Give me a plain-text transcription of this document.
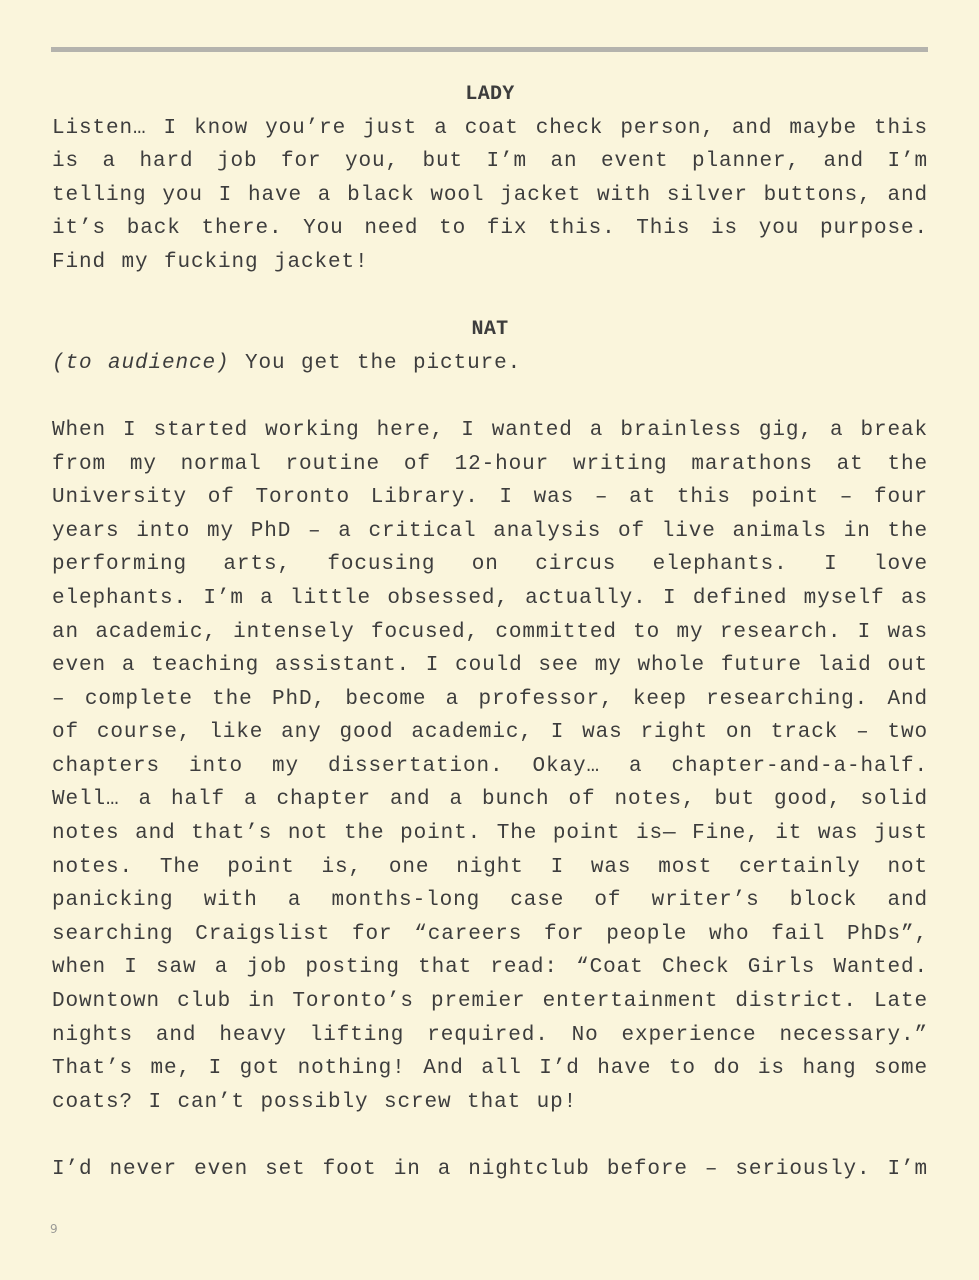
LADY
Listen… I know you’re just a coat check person, and maybe this is a hard job for you, but I’m an event planner, and I’m telling you I have a black wool jacket with silver buttons, and it’s back there. You need to fix this. This is you purpose. Find my fucking jacket!
NAT
(to audience) You get the picture.
When I started working here, I wanted a brainless gig, a break from my normal routine of 12-hour writing marathons at the University of Toronto Library. I was – at this point – four years into my PhD – a critical analysis of live animals in the performing arts, focusing on circus elephants. I love elephants. I’m a little obsessed, actually. I defined myself as an academic, intensely focused, committed to my research. I was even a teaching assistant. I could see my whole future laid out – complete the PhD, become a professor, keep researching. And of course, like any good academic, I was right on track – two chapters into my dissertation. Okay… a chapter-and-a-half. Well… a half a chapter and a bunch of notes, but good, solid notes and that’s not the point. The point is— Fine, it was just notes. The point is, one night I was most certainly not panicking with a months-long case of writer’s block and searching Craigslist for “careers for people who fail PhDs”, when I saw a job posting that read: “Coat Check Girls Wanted. Downtown club in Toronto’s premier entertainment district. Late nights and heavy lifting required. No experience necessary.” That’s me, I got nothing! And all I’d have to do is hang some coats? I can’t possibly screw that up!
I’d never even set foot in a nightclub before – seriously. I’m
9
